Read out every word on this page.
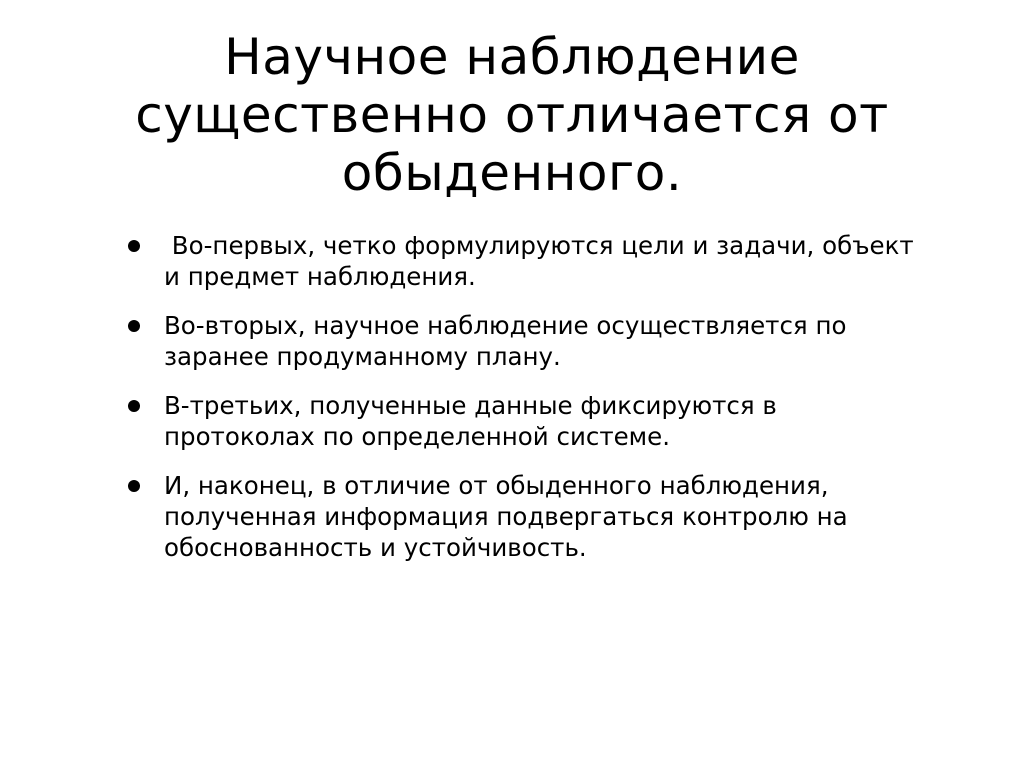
Научное наблюдение существенно отличается от обыденного.
Во-первых, четко формулируются цели и задачи, объект и предмет наблюдения.
Во-вторых, научное наблюдение осуществляется по  заранее продуманному плану.
В-третьих, полученные данные фиксируются в протоколах по определенной системе.
И, наконец, в отличие от обыденного наблюдения, полученная информация подвергаться контролю на обоснованность и устойчивость.
